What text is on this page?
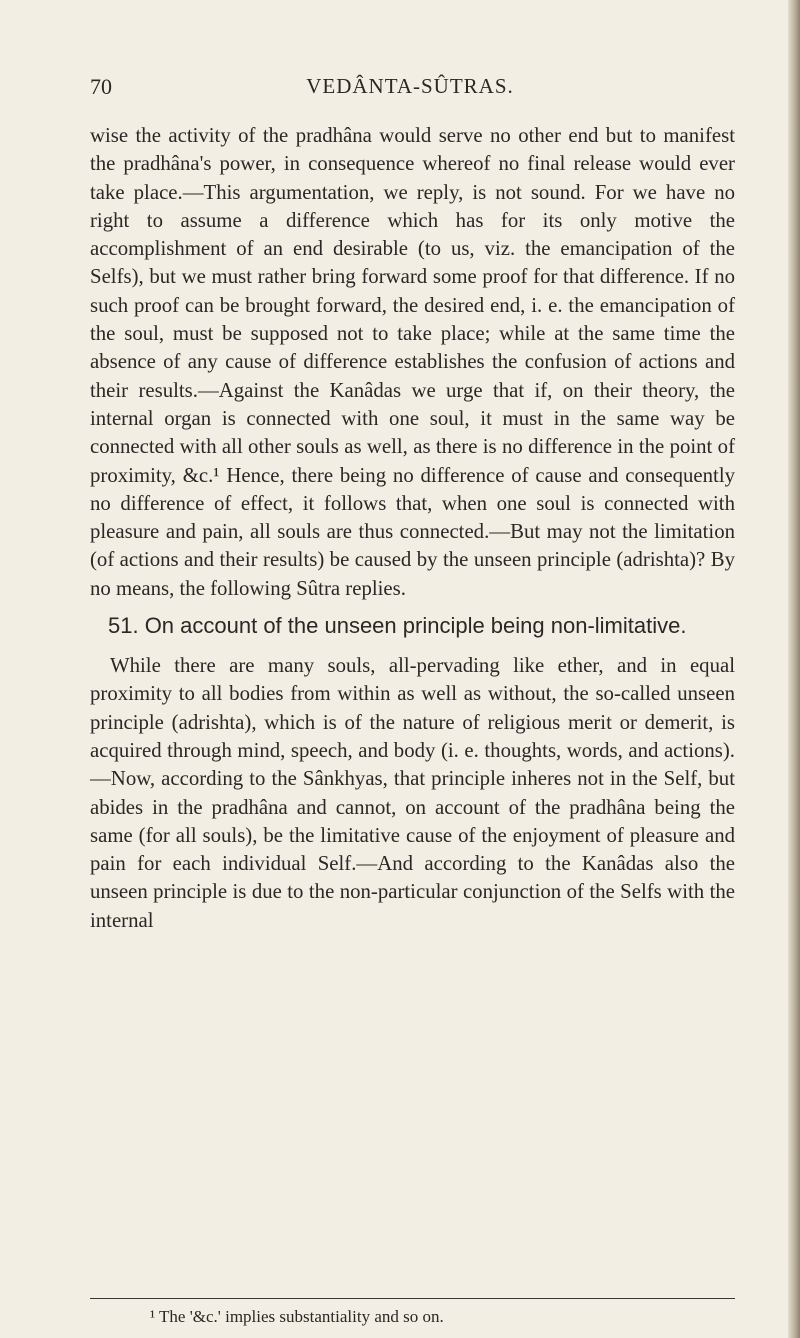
70	VEDÂNTA-SÛTRAS.

wise the activity of the pradhâna would serve no other end but to manifest the pradhâna's power, in consequence whereof no final release would ever take place.—This argumentation, we reply, is not sound. For we have no right to assume a difference which has for its only motive the accomplishment of an end desirable (to us, viz. the emancipation of the Selfs), but we must rather bring forward some proof for that difference. If no such proof can be brought forward, the desired end, i. e. the emancipation of the soul, must be supposed not to take place; while at the same time the absence of any cause of difference establishes the confusion of actions and their results.—Against the Kanâdas we urge that if, on their theory, the internal organ is connected with one soul, it must in the same way be connected with all other souls as well, as there is no difference in the point of proximity, &c.¹ Hence, there being no difference of cause and consequently no difference of effect, it follows that, when one soul is connected with pleasure and pain, all souls are thus connected.—But may not the limitation (of actions and their results) be caused by the unseen principle (adrishta)? By no means, the following Sûtra replies.

51. On account of the unseen principle being non-limitative.

While there are many souls, all-pervading like ether, and in equal proximity to all bodies from within as well as without, the so-called unseen principle (adrishta), which is of the nature of religious merit or demerit, is acquired through mind, speech, and body (i. e. thoughts, words, and actions).—Now, according to the Sânkhyas, that principle inheres not in the Self, but abides in the pradhâna and cannot, on account of the pradhâna being the same (for all souls), be the limitative cause of the enjoyment of pleasure and pain for each individual Self.—And according to the Kanâdas also the unseen principle is due to the non-particular conjunction of the Selfs with the internal

¹ The '&c.' implies substantiality and so on.
